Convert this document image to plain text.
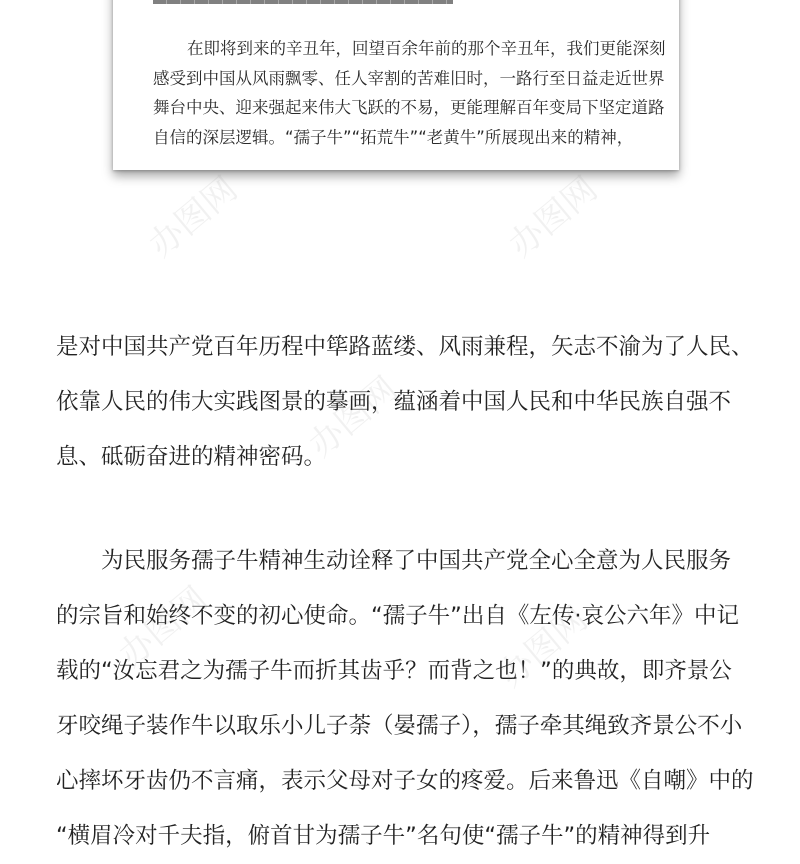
在即将到来的辛丑年，回望百余年前的那个辛丑年，我们更能深刻
感受到中国从风雨飘零、任人宰割的苦难旧时，一路行至日益走近世界
舞台中央、迎来强起来伟大飞跃的不易，更能理解百年变局下坚定道路
自信的深层逻辑。“孺子牛”“拓荒牛”“老黄牛”所展现出来的精神，
是对中国共产党百年历程中筚路蓝缕、风雨兼程，矢志不渝为了人民、
依靠人民的伟大实践图景的摹画，蕴涵着中国人民和中华民族自强不
息、砥砺奋进的精神密码。
为民服务孺子牛精神生动诠释了中国共产党全心全意为人民服务
的宗旨和始终不变的初心使命。“孺子牛”出自《左传·哀公六年》中记
载的“汝忘君之为孺子牛而折其齿乎？而背之也！”的典故，即齐景公
牙咬绳子装作牛以取乐小儿子荼（晏孺子），孺子牵其绳致齐景公不小
心摔坏牙齿仍不言痛，表示父母对子女的疼爱。后来鲁迅《自嘲》中的
“横眉冷对千夫指，俯首甘为孺子牛”名句使“孺子牛”的精神得到升
办图网	办图网
办图网
办图网	办图网
